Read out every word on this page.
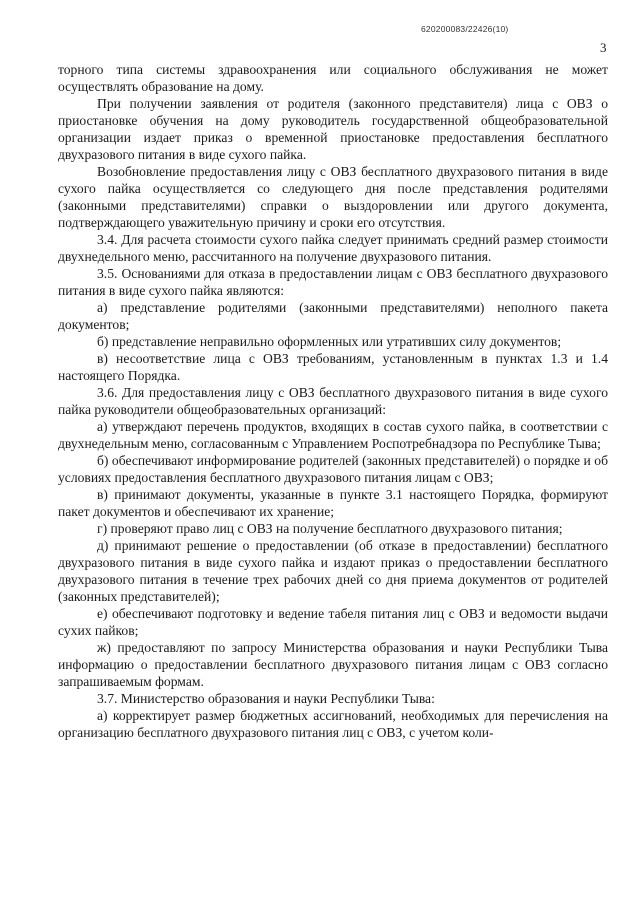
620200083/22426(10)
3

торного типа системы здравоохранения или социального обслуживания не может осуществлять образование на дому.

При получении заявления от родителя (законного представителя) лица с ОВЗ о приостановке обучения на дому руководитель государственной общеобразовательной организации издает приказ о временной приостановке предоставления бесплатного двухразового питания в виде сухого пайка.

Возобновление предоставления лицу с ОВЗ бесплатного двухразового питания в виде сухого пайка осуществляется со следующего дня после представления родителями (законными представителями) справки о выздоровлении или другого документа, подтверждающего уважительную причину и сроки его отсутствия.

3.4. Для расчета стоимости сухого пайка следует принимать средний размер стоимости двухнедельного меню, рассчитанного на получение двухразового питания.

3.5. Основаниями для отказа в предоставлении лицам с ОВЗ бесплатного двухразового питания в виде сухого пайка являются:

а) представление родителями (законными представителями) неполного пакета документов;

б) представление неправильно оформленных или утративших силу документов;

в) несоответствие лица с ОВЗ требованиям, установленным в пунктах 1.3 и 1.4 настоящего Порядка.

3.6. Для предоставления лицу с ОВЗ бесплатного двухразового питания в виде сухого пайка руководители общеобразовательных организаций:

а) утверждают перечень продуктов, входящих в состав сухого пайка, в соответствии с двухнедельным меню, согласованным с Управлением Роспотребнадзора по Республике Тыва;

б) обеспечивают информирование родителей (законных представителей) о порядке и об условиях предоставления бесплатного двухразового питания лицам с ОВЗ;

в) принимают документы, указанные в пункте 3.1 настоящего Порядка, формируют пакет документов и обеспечивают их хранение;

г) проверяют право лиц с ОВЗ на получение бесплатного двухразового питания;

д) принимают решение о предоставлении (об отказе в предоставлении) бесплатного двухразового питания в виде сухого пайка и издают приказ о предоставлении бесплатного двухразового питания в течение трех рабочих дней со дня приема документов от родителей (законных представителей);

е) обеспечивают подготовку и ведение табеля питания лиц с ОВЗ и ведомости выдачи сухих пайков;

ж) предоставляют по запросу Министерства образования и науки Республики Тыва информацию о предоставлении бесплатного двухразового питания лицам с ОВЗ согласно запрашиваемым формам.

3.7. Министерство образования и науки Республики Тыва:

а) корректирует размер бюджетных ассигнований, необходимых для перечисления на организацию бесплатного двухразового питания лиц с ОВЗ, с учетом коли-
